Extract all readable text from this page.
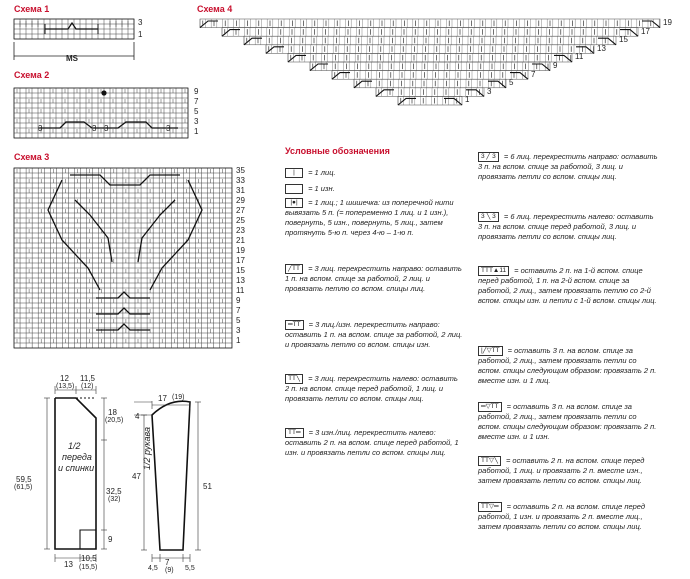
Схема 1
Схема 2
Схема 3
Схема 4
3
1
MS
9
7
5
3
1
3	3 3	3
35
33
31
29
27
25
23
21
19
17
15
13
11
9
7
5
3
1
19
17
15
13
11
9
7
5
3
1
Условные обозначения
| = 1 лиц.
= 1 изн.
|●| = 1 лиц.; 1 шишечка: из поперечной нити вывязать 5 п. (= попеременно 1 лиц. и 1 изн.), повернуть, 5 изн., повернуть, 5 лиц., затем протянуть 5-ю п. через 4-ю – 1-ю п.
╱TT = 3 лиц. перекрестить направо: оставить 1 п. на вспом. спице за работой, 2 лиц. и провязать петлю со вспом. спицы лиц.
═TT = 3 лиц./изн. перекрестить направо: оставить 1 п. на вспом. спице за работой, 2 лиц. и провязать петлю со вспом. спицы изн.
TT╲ = 3 лиц. перекрестить налево: оставить 2 п. на вспом. спице перед работой, 1 лиц. и провязать петли со вспом. спицы лиц.
TT═ = 3 изн./лиц. перекрестить налево: оставить 2 п. на вспом. спице перед работой, 1 изн. и провязать петли со вспом. спицы лиц.
3 ╱ 3 = 6 лиц. перекрестить направо: оставить 3 п. на вспом. спице за работой, 3 лиц. и провязать петли со вспом. спицы лиц.
3 ╲ 3 = 6 лиц. перекрестить налево: оставить 3 п. на вспом. спице перед работой, 3 лиц. и провязать петли со вспом. спицы лиц.
TTT▲11 = оставить 2 п. на 1-й вспом. спице перед работой, 1 п. на 2-й вспом. спице за работой, 2 лиц., затем провязать петлю со 2-й вспом. спицы изн. и петли с 1-й вспом. спицы лиц.
|╱▽TT = оставить 3 п. на вспом. спице за работой, 2 лиц., затем провязать петли со вспом. спицы следующим образом: провязать 2 п. вместе изн. и 1 лиц.
═▽TT = оставить 3 п. на вспом. спице за работой, 2 лиц., затем провязать петли со вспом. спицы следующим образом: провязать 2 п. вместе изн. и 1 изн.
TT▽╲ = оставить 2 п. на вспом. спице перед работой, 1 лиц. и провязать 2 п. вместе изн., затем провязать петли со вспом. спицы лиц.
TT▽═ = оставить 2 п. на вспом. спице перед работой, 1 изн. и провязать 2 п. вместе лиц., затем провязать петли со вспом. спицы лиц.
12
(13,5)
11,5
(12)
18
(20,5)
59,5
(61,5)	32,5
(32)
9
13
10,5
(15,5)
1/2
переда
и спинки
17 (19)
4
47
51
4,5
7
(9) 5,5
1/2 рукава
